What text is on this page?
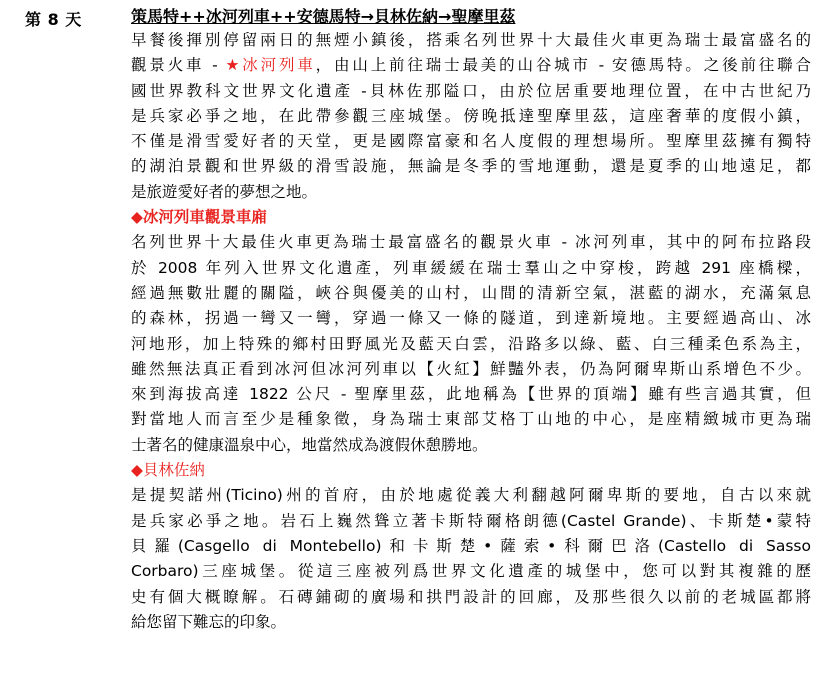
第 8 天	策馬特++冰河列車++安德馬特→貝林佐納→聖摩里茲
早餐後揮別停留兩日的無煙小鎮後，搭乘名列世界十大最佳火車更為瑞士最富盛名的
觀景火車 - ★冰河列車，由山上前往瑞士最美的山谷城市 - 安德馬特。之後前往聯合
國世界教科文世界文化遺產 -貝林佐那隘口，由於位居重要地理位置，在中古世紀乃
是兵家必爭之地，在此帶參觀三座城堡。傍晚抵達聖摩里茲，這座奢華的度假小鎮，
不僅是滑雪愛好者的天堂，更是國際富豪和名人度假的理想場所。聖摩里茲擁有獨特
的湖泊景觀和世界級的滑雪設施，無論是冬季的雪地運動，還是夏季的山地遠足，都
是旅遊愛好者的夢想之地。
◆冰河列車觀景車廂
名列世界十大最佳火車更為瑞士最富盛名的觀景火車 - 冰河列車，其中的阿布拉路段
於 2008 年列入世界文化遺產，列車緩緩在瑞士羣山之中穿梭，跨越 291 座橋樑，
經過無數壯麗的關隘，峽谷與優美的山村，山間的清新空氣，湛藍的湖水，充滿氣息
的森林，拐過一彎又一彎，穿過一條又一條的隧道，到達新境地。主要經過高山、冰
河地形，加上特殊的鄉村田野風光及藍天白雲，沿路多以綠、藍、白三種柔色系為主，
雖然無法真正看到冰河但冰河列車以【火紅】鮮豔外表，仍為阿爾卑斯山系增色不少。
來到海拔高達 1822 公尺 - 聖摩里茲，此地稱為【世界的頂端】雖有些言過其實，但
對當地人而言至少是種象徵，身為瑞士東部艾格丁山地的中心，是座精緻城市更為瑞
士著名的健康溫泉中心，地當然成為渡假休憩勝地。
◆貝林佐納
是提契諾州(Ticino)州的首府，由於地處從義大利翻越阿爾卑斯的要地，自古以來就
是兵家必爭之地。岩石上巍然聳立著卡斯特爾格朗德(Castel Grande)、卡斯楚•蒙特
貝羅(Casgello di Montebello)和卡斯楚•薩索•科爾巴洛(Castello di Sasso
Corbaro)三座城堡。從這三座被列爲世界文化遺產的城堡中，您可以對其複雜的歷
史有個大概瞭解。石磚鋪砌的廣場和拱門設計的回廊，及那些很久以前的老城區都將
給您留下難忘的印象。
